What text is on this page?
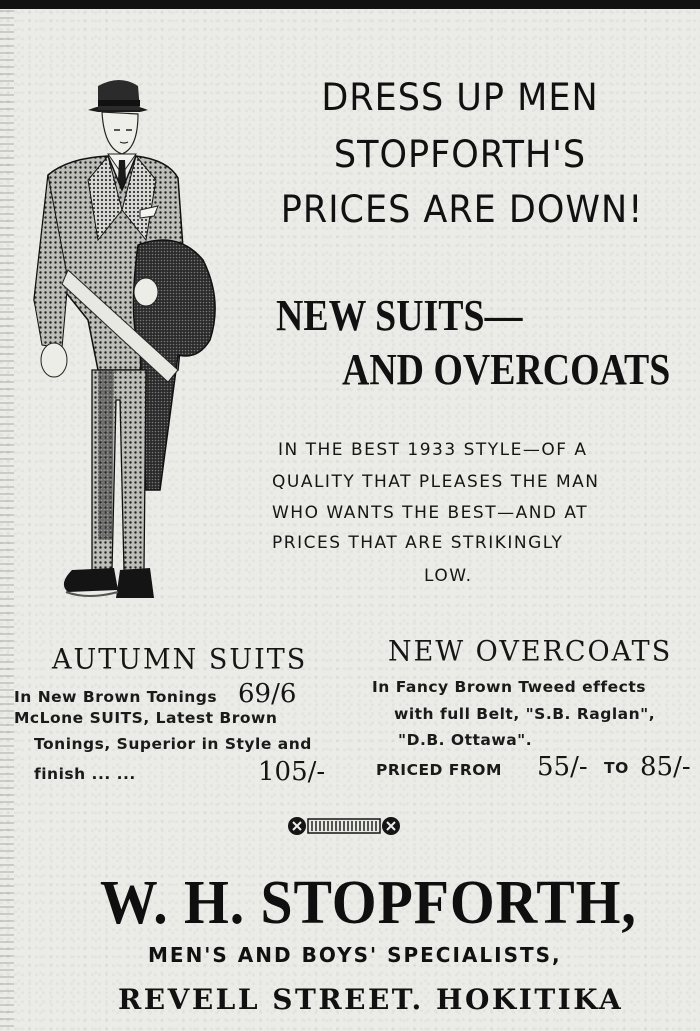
DRESS UP MEN
STOPFORTH'S
PRICES ARE DOWN!
NEW SUITS—
AND OVERCOATS
IN THE BEST 1933 STYLE—OF A
QUALITY THAT PLEASES THE MAN
WHO WANTS THE BEST—AND AT
PRICES THAT ARE STRIKINGLY
LOW.
AUTUMN SUITS
In New Brown Tonings 69/6
McLone SUITS, Latest Brown
Tonings, Superior in Style and
finish ... ...	105/-
NEW OVERCOATS
In Fancy Brown Tweed effects
with full Belt, "S.B. Raglan",
"D.B. Ottawa".
PRICED FROM 55/- TO 85/-
W. H. STOPFORTH,
MEN'S AND BOYS' SPECIALISTS,
REVELL STREET. HOKITIKA
